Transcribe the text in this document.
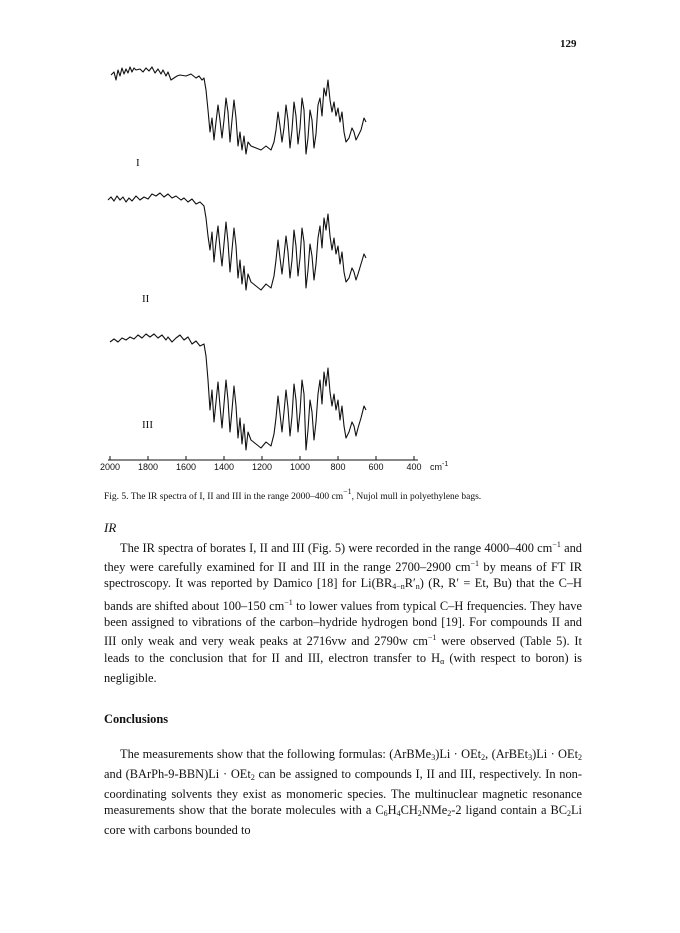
129
I
II
III
2000 1800 1600 1400 1200 1000 800	600	400 $cm^{-1}$
Fig. 5. The IR spectra of I, II and III in the range 2000–400 $cm^{-1}$, Nujol mull in polyethylene bags.
IR

The IR spectra of borates I, II and III (Fig. 5) were recorded in the range 4000–400 $cm^{-1}$ and they were carefully examined for II and III in the range 2700–2900 $cm^{-1}$ by means of FT IR spectroscopy. It was reported by Damico [18] for $Li(BR_{4-n}R'_n)$ (R, R′ = Et, Bu) that the C–H bands are shifted about 100–150 $cm^{-1}$ to lower values from typical C–H frequencies. They have been assigned to vibrations of the carbon–hydride hydrogen bond [19]. For compounds II and III only weak and very weak peaks at 2716vw and 2790w $cm^{-1}$ were observed (Table 5). It leads to the conclusion that for II and III, electron transfer to $H_\alpha$ (with respect to boron) is negligible.

Conclusions
The measurements show that the following formulas: (ArBMe$_3$)Li · OEt$_2$, (ArBEt$_3$)Li · OEt$_2$ and (BArPh-9-BBN)Li · OEt$_2$ can be assigned to compounds I, II and III, respectively. In non-coordinating solvents they exist as monomeric species. The multinuclear magnetic resonance measurements show that the borate molecules with a $C_6H_4CH_2NMe_2-2$ ligand contain a $BC_2Li$ core with carbons bounded to
